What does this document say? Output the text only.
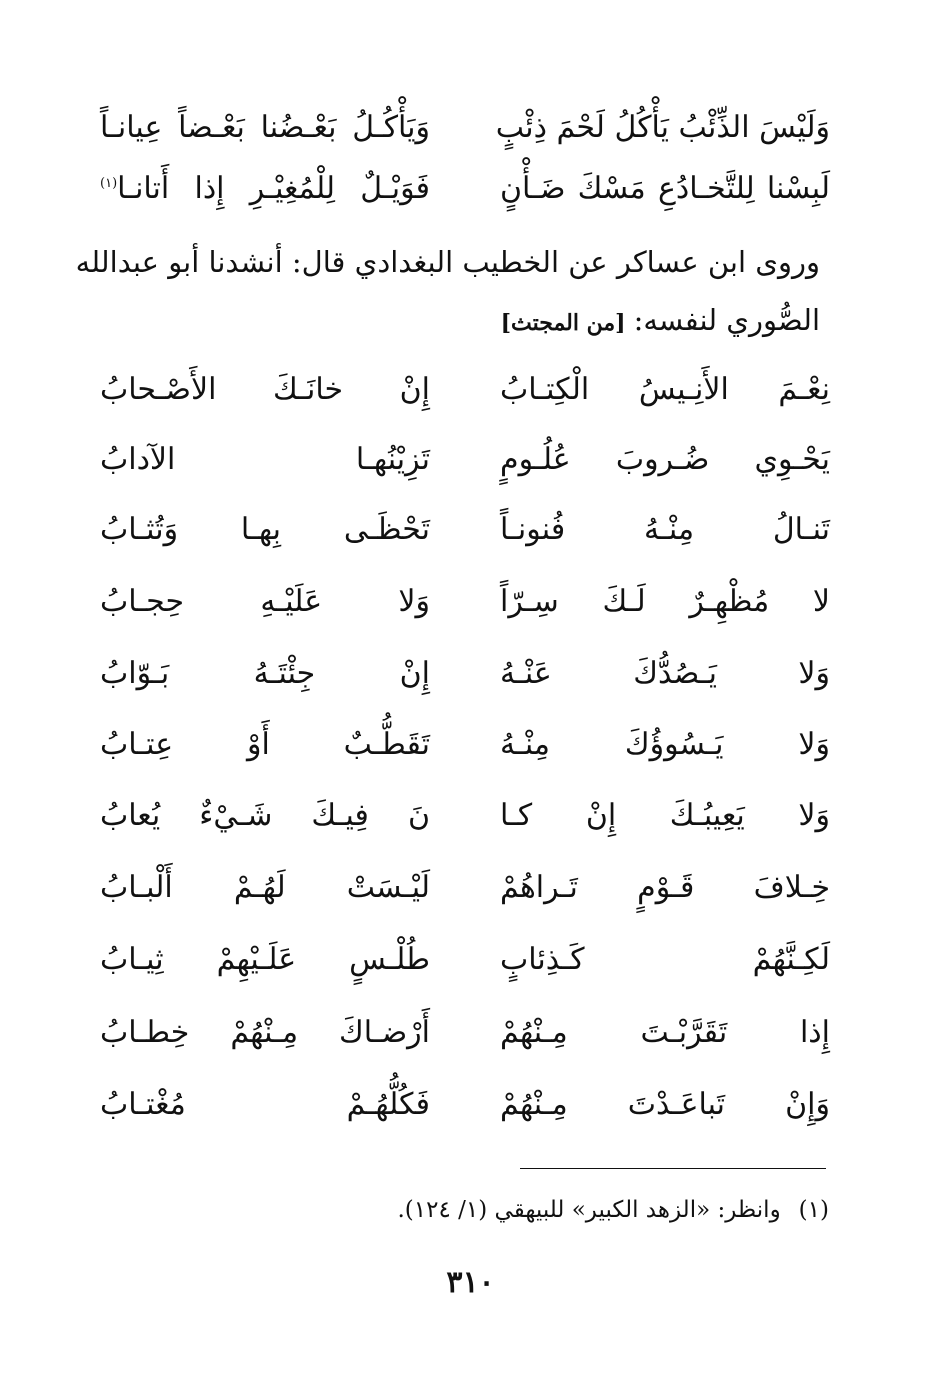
وَلَيْسَ الذِّئْبُ يَأْكُلُ لَحْمَ ذِئْبٍ
وَيَأْكُـلُ بَعْـضُنا بَعْـضاً عِيانـاً
لَبِسْنا لِلتَّخـادُعِ مَسْكَ ضَـأْنٍ
فَوَيْـلٌ لِلْمُغِيْـرِ إِذا أَتانـا$^{(١)}$
وروى ابن عساكر عن الخطيب البغدادي قال: أنشدنا أبو عبدالله
الصُّوري لنفسه:[من المجتث]
نِعْـمَ الأَنِـيسُ الْكِتـابُ
إِنْ خانَـكَ الأَصْـحابُ
يَحْـوِي ضُـروبَ عُلُـومٍ
تَزِيْنُهـا الآدابُ
تَنـالُ مِنْـهُ فُنونـاً
تَحْظَـى بِهـا وَتُثـابُ
لا مُظْهِـرٌ لَـكَ سِـرّاً
وَلا عَلَيْـهِ حِجـابُ
وَلا يَـصُدُّكَ عَنْـهُ
إِنْ جِئْتَـهُ بَـوّابُ
وَلا يَـسُوؤُكَ مِنْـهُ
تَقَطُّـبٌ أَوْ عِتـابُ
وَلا يَعِيبُـكَ إِنْ كـا
نَ فِيـكَ شَـيْءٌ يُعابُ
خِـلافَ قَـوْمٍ تَـراهُمْ
لَيْـسَتْ لَهُـمْ أَلْبـابُ
لَكِـنَّهُمْ كَـذِئابٍ
طُلْـسٍ عَلَـيْهِمْ ثِيـابُ
إِذا تَقَرَّبْـتَ مِـنْهُمْ
أَرْضـاكَ مِـنْهُمْ خِطـابُ
وَإِنْ تَباعَـدْتَ مِـنْهُمْ
فَكُلُّهُـمْ مُغْتـابُ
(١)وانظر: «الزهد الكبير» للبيهقي (١/ ١٢٤).
٣١٠
